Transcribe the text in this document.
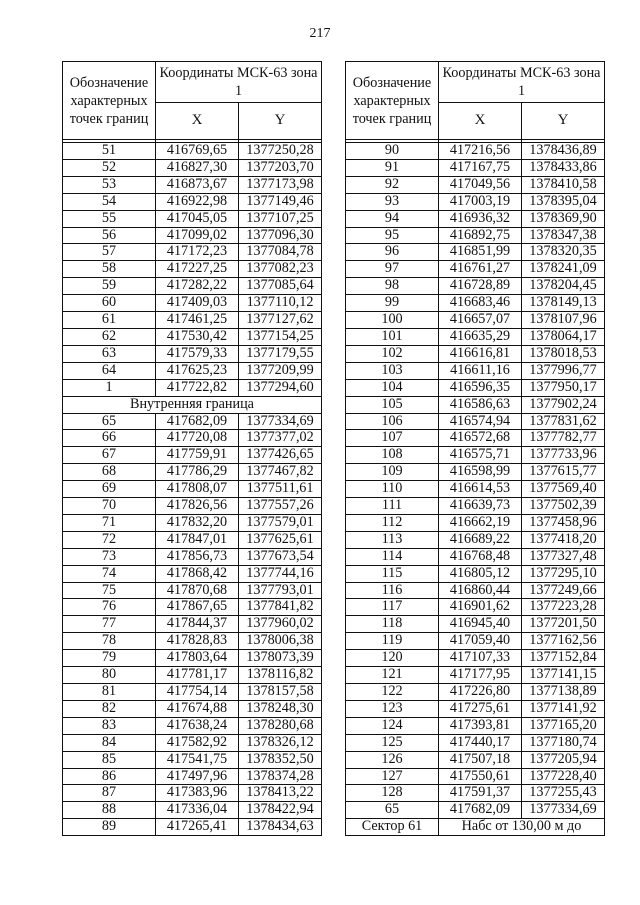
217
Обозначение характерных точек границ	Координаты МСК-63 зона 1	
	X	Y

51	416769,65	1377250,28
52	416827,30	1377203,70
53	416873,67	1377173,98
54	416922,98	1377149,46
55	417045,05	1377107,25
56	417099,02	1377096,30
57	417172,23	1377084,78
58	417227,25	1377082,23
59	417282,22	1377085,64
60	417409,03	1377110,12
61	417461,25	1377127,62
62	417530,42	1377154,25
63	417579,33	1377179,55
64	417625,23	1377209,99
1	417722,82	1377294,60
Внутренняя граница		
65	417682,09	1377334,69
66	417720,08	1377377,02
67	417759,91	1377426,65
68	417786,29	1377467,82
69	417808,07	1377511,61
70	417826,56	1377557,26
71	417832,20	1377579,01
72	417847,01	1377625,61
73	417856,73	1377673,54
74	417868,42	1377744,16
75	417870,68	1377793,01
76	417867,65	1377841,82
77	417844,37	1377960,02
78	417828,83	1378006,38
79	417803,64	1378073,39
80	417781,17	1378116,82
81	417754,14	1378157,58
82	417674,88	1378248,30
83	417638,24	1378280,68
84	417582,92	1378326,12
85	417541,75	1378352,50
86	417497,96	1378374,28
87	417383,96	1378413,22
88	417336,04	1378422,94
89	417265,41	1378434,63
Обозначение характерных точек границ	Координаты МСК-63 зона 1	
	X	Y

90	417216,56	1378436,89
91	417167,75	1378433,86
92	417049,56	1378410,58
93	417003,19	1378395,04
94	416936,32	1378369,90
95	416892,75	1378347,38
96	416851,99	1378320,35
97	416761,27	1378241,09
98	416728,89	1378204,45
99	416683,46	1378149,13
100	416657,07	1378107,96
101	416635,29	1378064,17
102	416616,81	1378018,53
103	416611,16	1377996,77
104	416596,35	1377950,17
105	416586,63	1377902,24
106	416574,94	1377831,62
107	416572,68	1377782,77
108	416575,71	1377733,96
109	416598,99	1377615,77
110	416614,53	1377569,40
111	416639,73	1377502,39
112	416662,19	1377458,96
113	416689,22	1377418,20
114	416768,48	1377327,48
115	416805,12	1377295,10
116	416860,44	1377249,66
117	416901,62	1377223,28
118	416945,40	1377201,50
119	417059,40	1377162,56
120	417107,33	1377152,84
121	417177,95	1377141,15
122	417226,80	1377138,89
123	417275,61	1377141,92
124	417393,81	1377165,20
125	417440,17	1377180,74
126	417507,18	1377205,94
127	417550,61	1377228,40
128	417591,37	1377255,43
65	417682,09	1377334,69
Сектор 61	Набс от 130,00 м до	
